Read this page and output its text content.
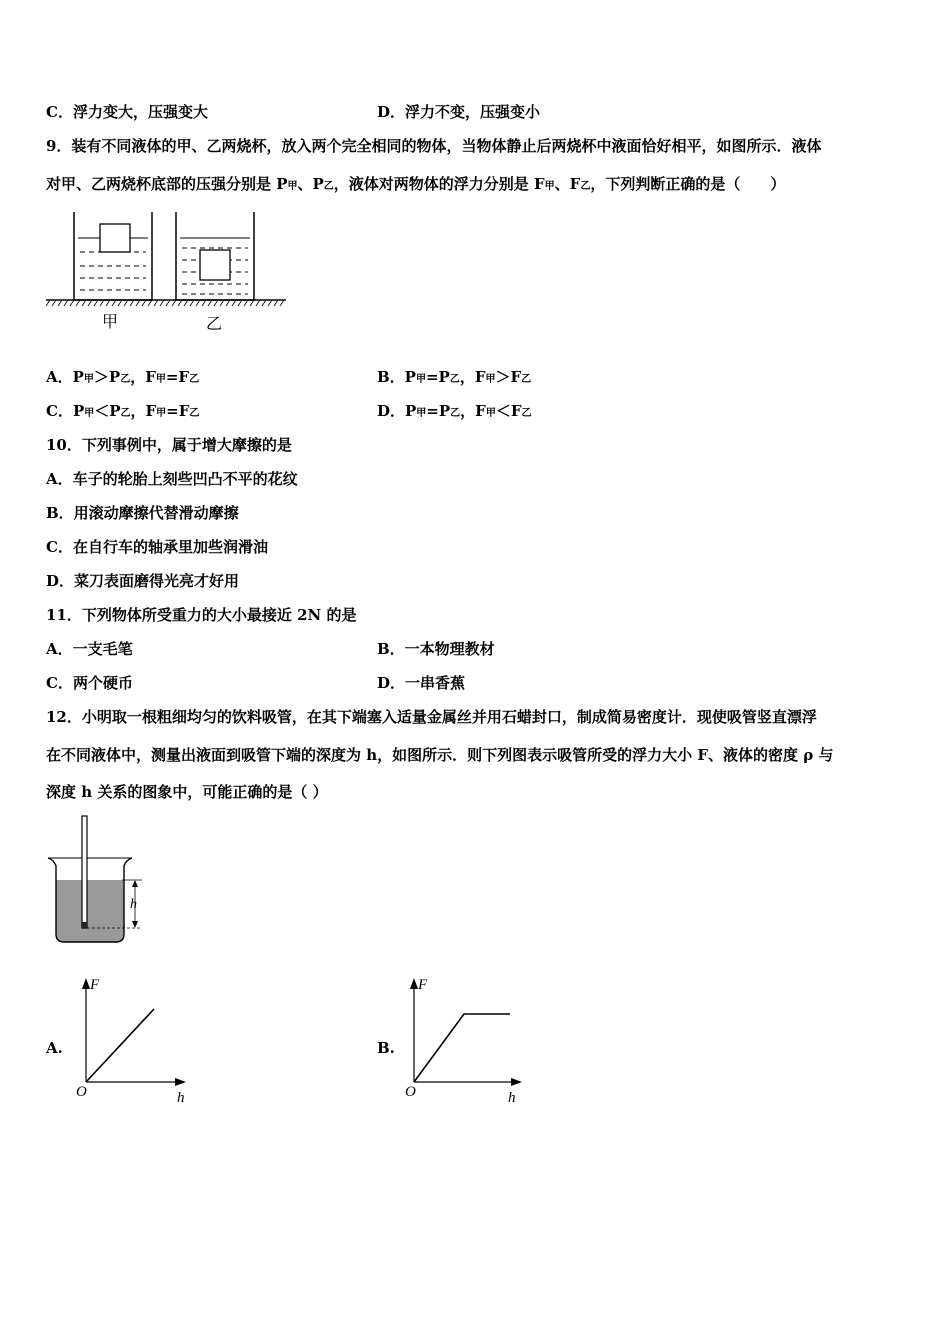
C．浮力变大，压强变大	D．浮力不变，压强变小
9．装有不同液体的甲、乙两烧杯，放入两个完全相同的物体，当物体静止后两烧杯中液面恰好相平，如图所示．液体
对甲、乙两烧杯底部的压强分别是 P甲、P乙，液体对两物体的浮力分别是 F甲、F乙，下列判断正确的是（　　）
甲	乙
A．P甲＞P乙，F甲=F乙	B．P甲=P乙，F甲＞F乙
C．P甲＜P乙，F甲=F乙	D．P甲=P乙，F甲＜F乙
10．下列事例中，属于增大摩擦的是
A．车子的轮胎上刻些凹凸不平的花纹
B．用滚动摩擦代替滑动摩擦
C．在自行车的轴承里加些润滑油
D．菜刀表面磨得光亮才好用
11．下列物体所受重力的大小最接近 2N 的是
A．一支毛笔	B．一本物理教材
C．两个硬币	D．一串香蕉
12．小明取一根粗细均匀的饮料吸管，在其下端塞入适量金属丝并用石蜡封口，制成简易密度计．现使吸管竖直漂浮
在不同液体中，测量出液面到吸管下端的深度为 h，如图所示．则下列图表示吸管所受的浮力大小 F、液体的密度 ρ 与
深度 h 关系的图象中，可能正确的是（ ）
h
A.
F
h
O
B.
F
h
O
